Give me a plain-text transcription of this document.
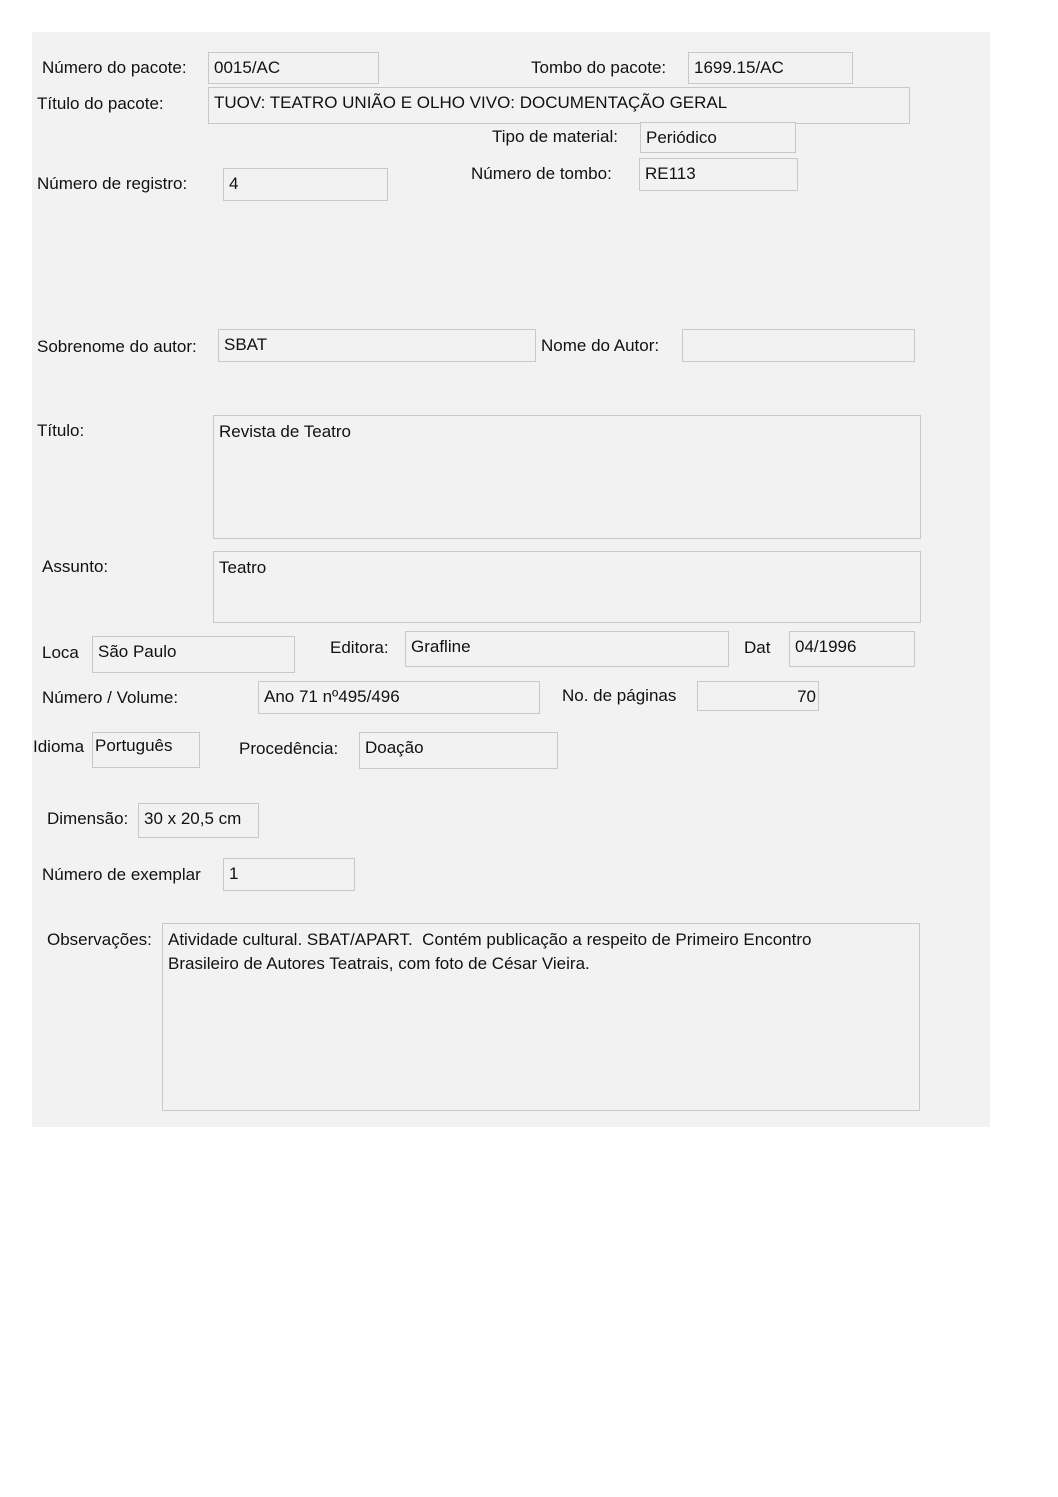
Número do pacote:	0015/AC	Tombo do pacote:	1699.15/AC
Título do pacote:	TUOV: TEATRO UNIÃO E OLHO VIVO: DOCUMENTAÇÃO GERAL
Tipo de material:	Periódico
Número de registro:	4
Número de tombo:	RE113
Sobrenome do autor:	SBAT	Nome do Autor:
Título:	Revista de Teatro
Assunto:	Teatro
Loca	São Paulo	Editora:	Grafline	Dat	04/1996
Número / Volume:	Ano 71 nº495/496	No. de páginas	70
Idioma Português	Procedência:	Doação
Dimensão: 30 x 20,5 cm
Número de exemplar	1
Observações: Atividade cultural. SBAT/APART.  Contém publicação a respeito de Primeiro Encontro
Brasileiro de Autores Teatrais, com foto de César Vieira.
